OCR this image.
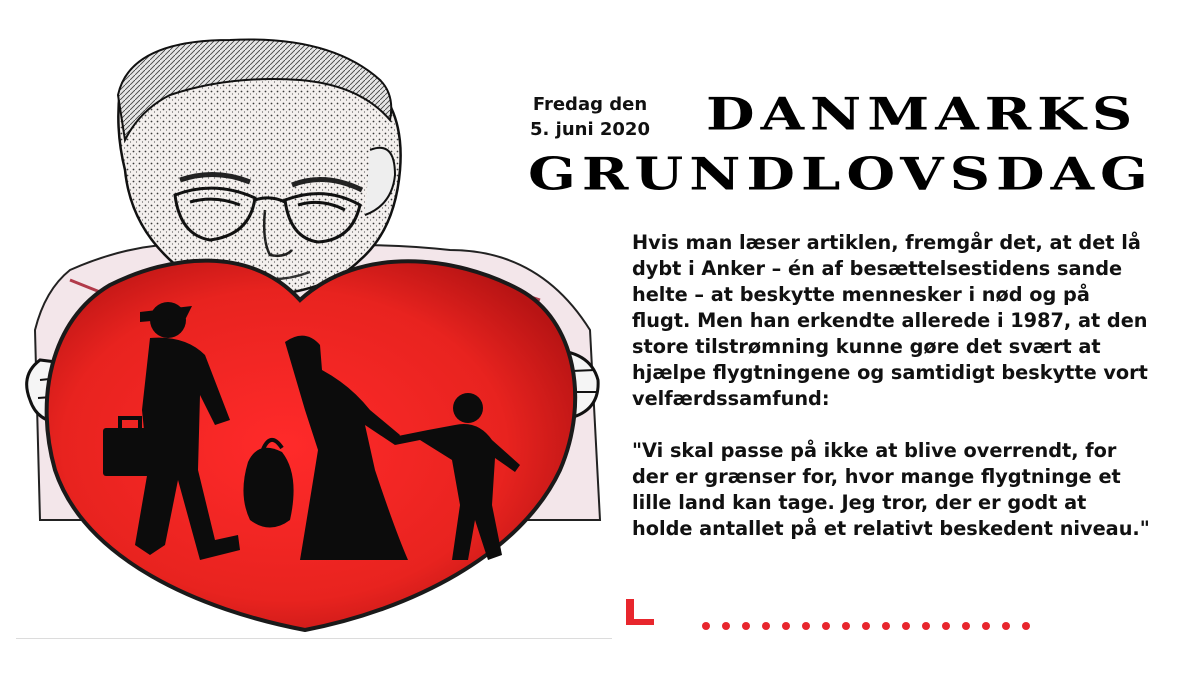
Fredag den
5. juni 2020 DANMARKS
GRUNDLOVSDAG

Hvis man læser artiklen, fremgår det, at det lå dybt i Anker – én af besættelsestidens sande helte – at beskytte mennesker i nød og på flugt. Men han erkendte allerede i 1987, at den store tilstrømning kunne gøre det svært at hjælpe flygtningene og samtidigt beskytte vort velfærdssamfund:

"Vi skal passe på ikke at blive overrendt, for der er grænser for, hvor mange flygtninge et lille land kan tage. Jeg tror, der er godt at holde antallet på et relativt beskedent niveau."
